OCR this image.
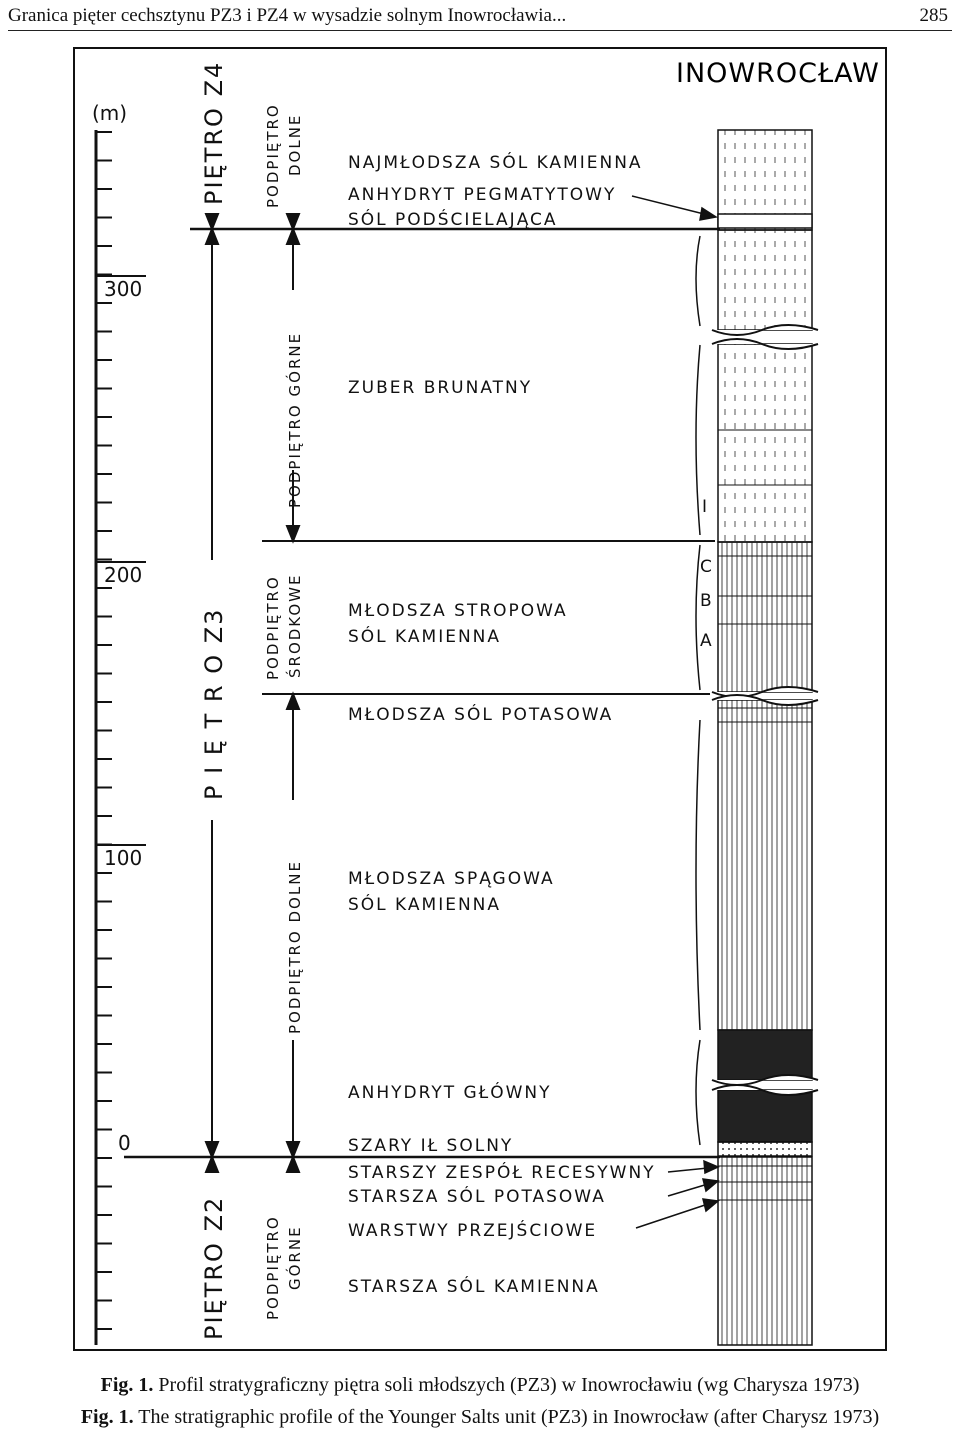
Granica pięter cechsztynu PZ3 i PZ4 w wysadzie solnym Inowrocławia...	285
(m)
300
200
100
0
PIĘTRO Z4
P I Ę T R O Z3
PIĘTRO Z2
PODPIĘTRO DOLNE
PODPIĘTRO GÓRNE
PODPIĘTRO ŚRODKOWE
PODPIĘTRO DOLNE
PODPIĘTRO GÓRNE
INOWROCŁAW
NAJMŁODSZA SÓL KAMIENNA
ANHYDRYT PEGMATYTOWY
SÓL PODŚCIELAJĄCA
ZUBER BRUNATNY
MŁODSZA STROPOWA
SÓL KAMIENNA
MŁODSZA SÓL POTASOWA
MŁODSZA SPĄGOWA
SÓL KAMIENNA
ANHYDRYT GŁÓWNY
SZARY IŁ SOLNY
STARSZY ZESPÓŁ RECESYWNY
STARSZA SÓL POTASOWA
WARSTWY PRZEJŚCIOWE
STARSZA SÓL KAMIENNA
I
C
B
A
Fig. 1. Profil stratygraficzny piętra soli młodszych (PZ3) w Inowrocławiu (wg Charysza 1973)
Fig. 1. The stratigraphic profile of the Younger Salts unit (PZ3) in Inowrocław (after Charysz 1973)
